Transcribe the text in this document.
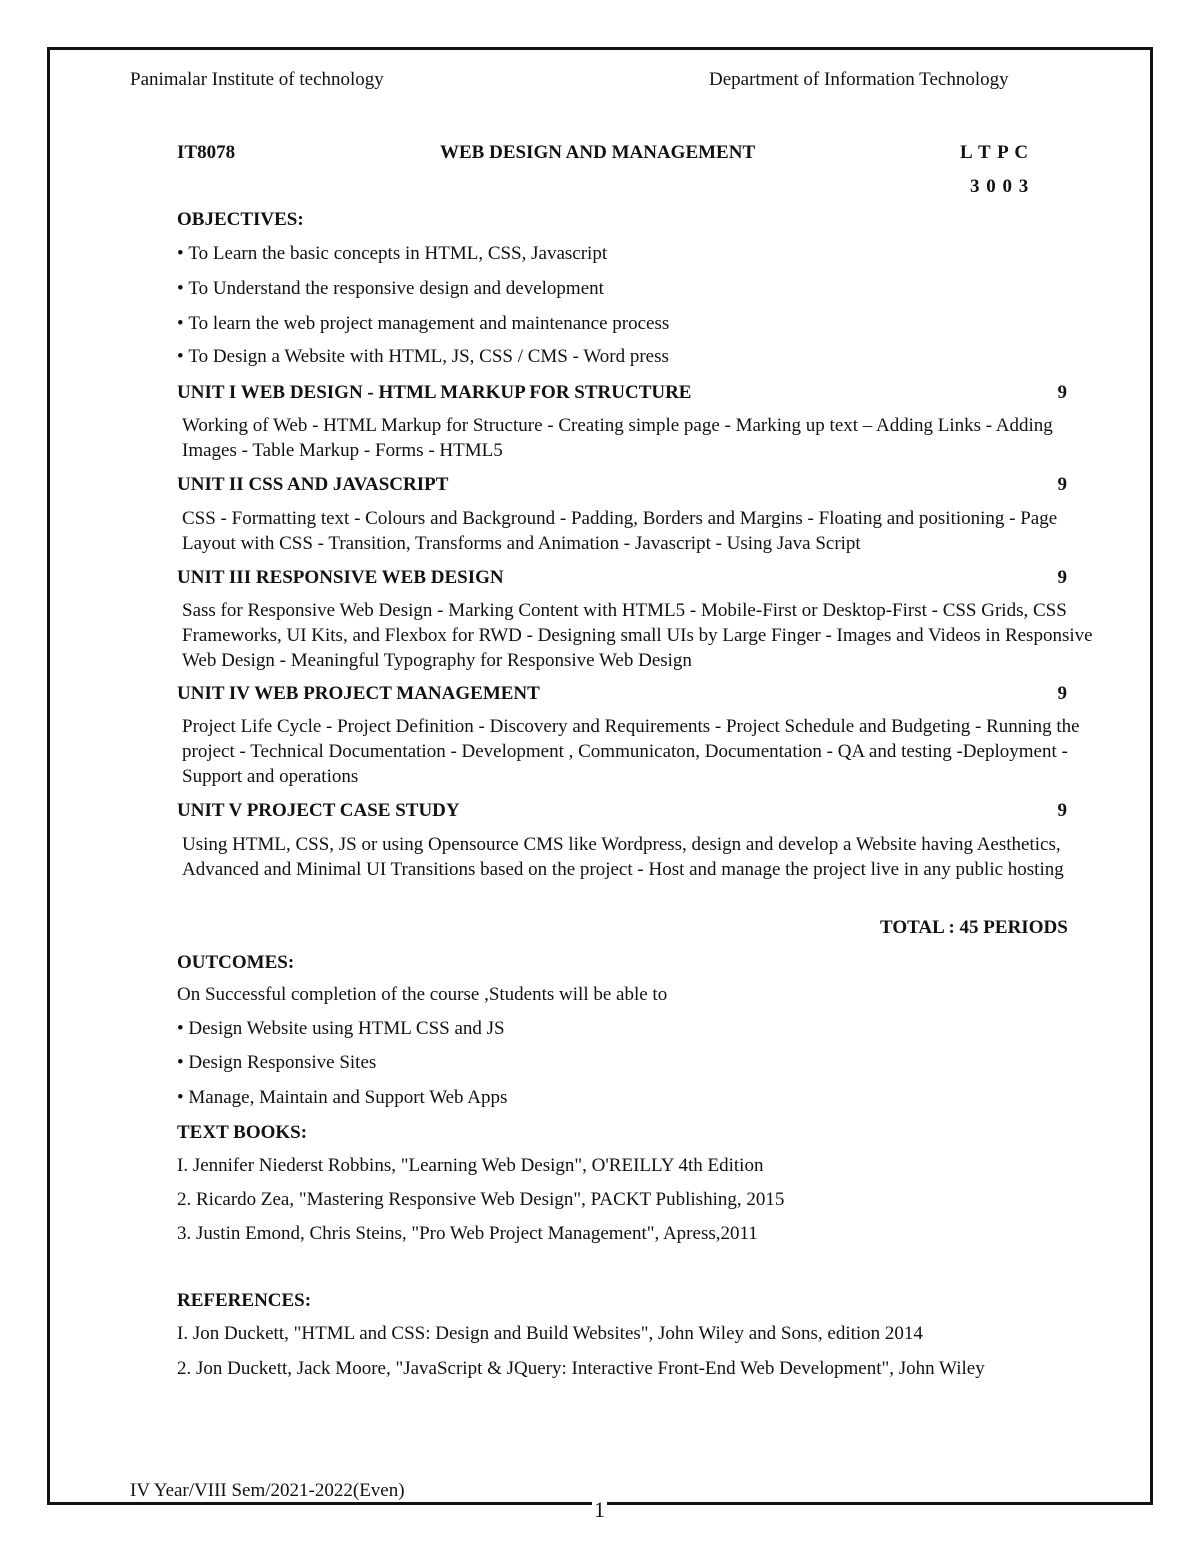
Panimalar Institute of technology	Department of Information Technology
IT8078	WEB DESIGN AND MANAGEMENT	L T P C
3 0 0 3
OBJECTIVES:
• To Learn the basic concepts in HTML, CSS, Javascript
• To Understand the responsive design and development
• To learn the web project management and maintenance process
• To Design a Website with HTML, JS, CSS / CMS - Word press
UNIT I WEB DESIGN - HTML MARKUP FOR STRUCTURE	9
Working of Web - HTML Markup for Structure - Creating simple page - Marking up text – Adding Links - Adding Images - Table Markup - Forms - HTML5
UNIT II CSS AND JAVASCRIPT	9
CSS - Formatting text - Colours and Background - Padding, Borders and Margins - Floating and positioning - Page Layout with CSS - Transition, Transforms and Animation - Javascript - Using Java Script
UNIT III RESPONSIVE WEB DESIGN	9
Sass for Responsive Web Design - Marking Content with HTML5 - Mobile-First or Desktop-First - CSS Grids, CSS Frameworks, UI Kits, and Flexbox for RWD - Designing small UIs by Large Finger - Images and Videos in Responsive Web Design - Meaningful Typography for Responsive Web Design
UNIT IV WEB PROJECT MANAGEMENT	9
Project Life Cycle - Project Definition - Discovery and Requirements - Project Schedule and Budgeting - Running the project - Technical Documentation - Development , Communicaton, Documentation - QA and testing -Deployment - Support and operations
UNIT V PROJECT CASE STUDY	9
Using HTML, CSS, JS or using Opensource CMS like Wordpress, design and develop a Website having Aesthetics, Advanced and Minimal UI Transitions based on the project - Host and manage the project live in any public hosting
TOTAL : 45 PERIODS
OUTCOMES:
On Successful completion of the course ,Students will be able to
• Design Website using HTML CSS and JS
• Design Responsive Sites
• Manage, Maintain and Support Web Apps
TEXT BOOKS:
I. Jennifer Niederst Robbins, "Learning Web Design", O'REILLY 4th Edition
2. Ricardo Zea, "Mastering Responsive Web Design", PACKT Publishing, 2015
3. Justin Emond, Chris Steins, "Pro Web Project Management", Apress,2011
REFERENCES:
I. Jon Duckett, "HTML and CSS: Design and Build Websites", John Wiley and Sons, edition 2014
2. Jon Duckett, Jack Moore, "JavaScript & JQuery: Interactive Front-End Web Development", John Wiley
IV Year/VIII Sem/2021-2022(Even)
1
